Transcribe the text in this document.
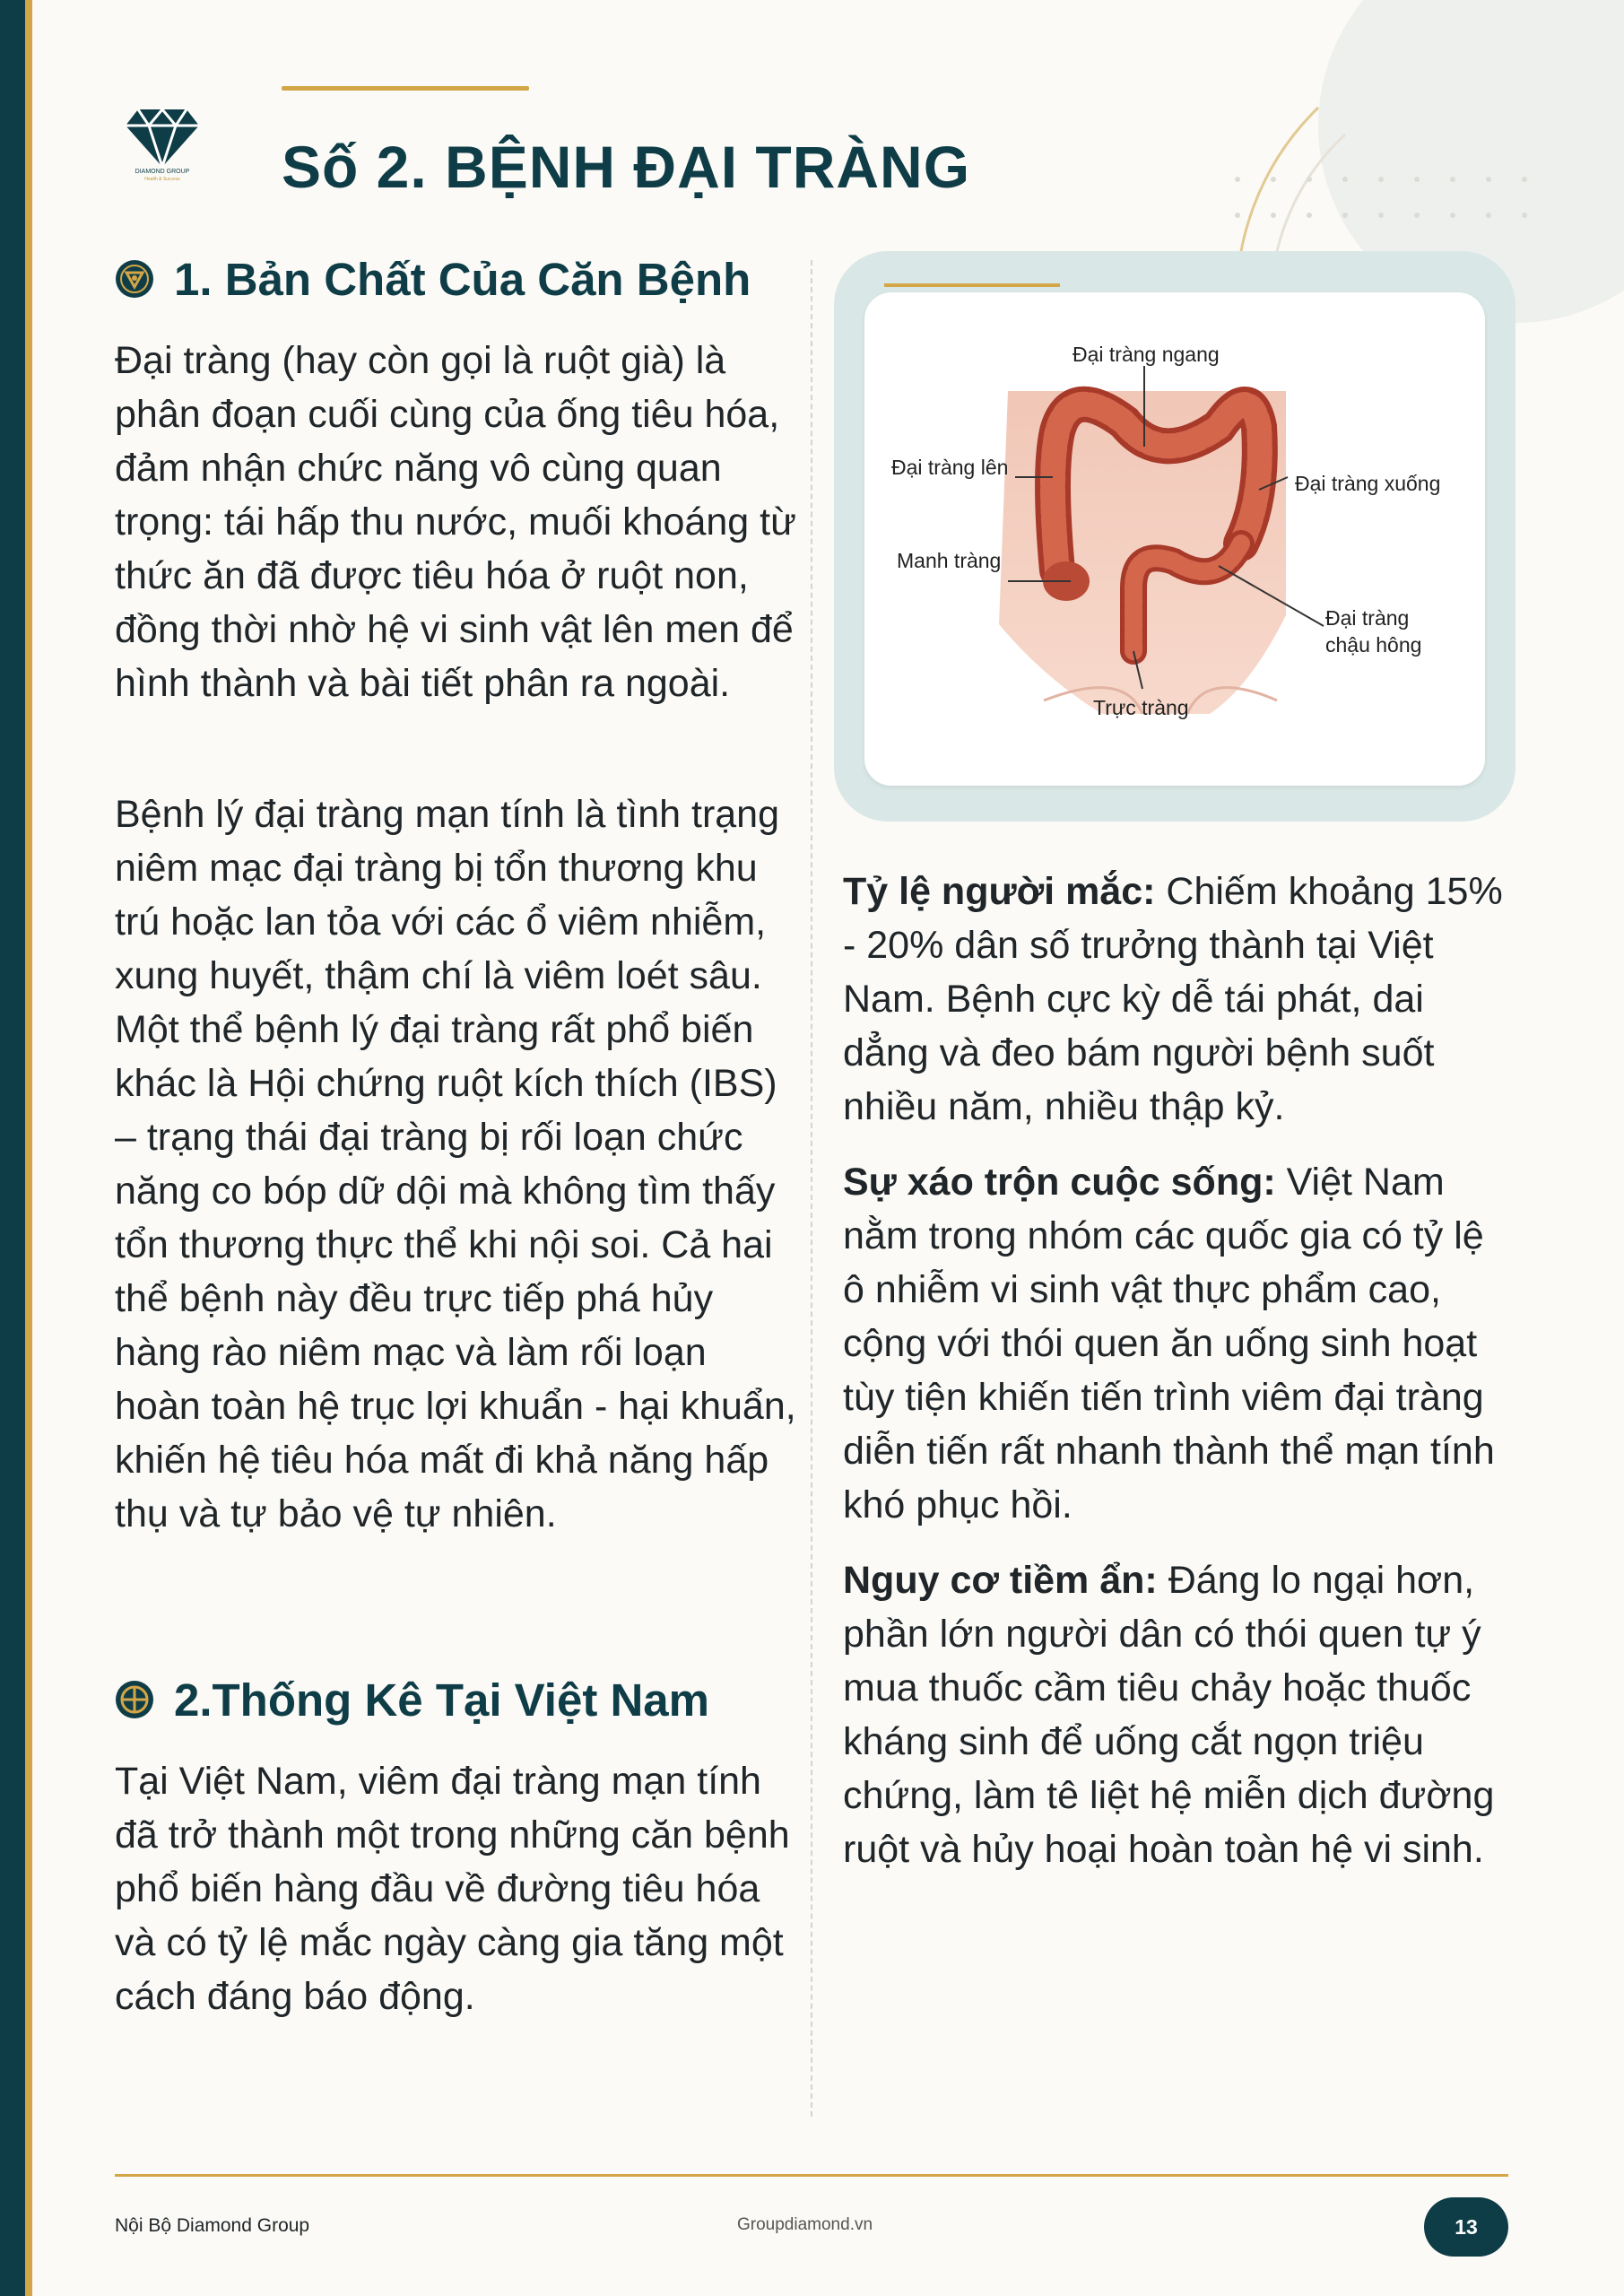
DIAMOND GROUP
Health & Success	Số 2. BỆNH ĐẠI TRÀNG
1. Bản Chất Của Căn Bệnh

Đại tràng (hay còn gọi là ruột già) là phân đoạn cuối cùng của ống tiêu hóa, đảm nhận chức năng vô cùng quan trọng: tái hấp thu nước, muối khoáng từ thức ăn đã được tiêu hóa ở ruột non, đồng thời nhờ hệ vi sinh vật lên men để hình thành và bài tiết phân ra ngoài.

Bệnh lý đại tràng mạn tính là tình trạng niêm mạc đại tràng bị tổn thương khu trú hoặc lan tỏa với các ổ viêm nhiễm, xung huyết, thậm chí là viêm loét sâu. Một thể bệnh lý đại tràng rất phổ biến khác là Hội chứng ruột kích thích (IBS) – trạng thái đại tràng bị rối loạn chức năng co bóp dữ dội mà không tìm thấy tổn thương thực thể khi nội soi. Cả hai thể bệnh này đều trực tiếp phá hủy hàng rào niêm mạc và làm rối loạn hoàn toàn hệ trục lợi khuẩn - hại khuẩn, khiến hệ tiêu hóa mất đi khả năng hấp thụ và tự bảo vệ tự nhiên.

2.Thống Kê Tại Việt Nam

Tại Việt Nam, viêm đại tràng mạn tính đã trở thành một trong những căn bệnh phổ biến hàng đầu về đường tiêu hóa và có tỷ lệ mắc ngày càng gia tăng một cách đáng báo động.

Đại tràng ngang
Đại tràng lên
Đại tràng xuống
Manh tràng
Đại tràng
chậu hông
Trực tràng

Tỷ lệ người mắc: Chiếm khoảng 15% - 20% dân số trưởng thành tại Việt Nam. Bệnh cực kỳ dễ tái phát, dai dẳng và đeo bám người bệnh suốt nhiều năm, nhiều thập kỷ.

Sự xáo trộn cuộc sống: Việt Nam nằm trong nhóm các quốc gia có tỷ lệ ô nhiễm vi sinh vật thực phẩm cao, cộng với thói quen ăn uống sinh hoạt tùy tiện khiến tiến trình viêm đại tràng diễn tiến rất nhanh thành thể mạn tính khó phục hồi.

Nguy cơ tiềm ẩn: Đáng lo ngại hơn, phần lớn người dân có thói quen tự ý mua thuốc cầm tiêu chảy hoặc thuốc kháng sinh để uống cắt ngọn triệu chứng, làm tê liệt hệ miễn dịch đường ruột và hủy hoại hoàn toàn hệ vi sinh.

Nội Bộ Diamond Group	Groupdiamond.vn	13
